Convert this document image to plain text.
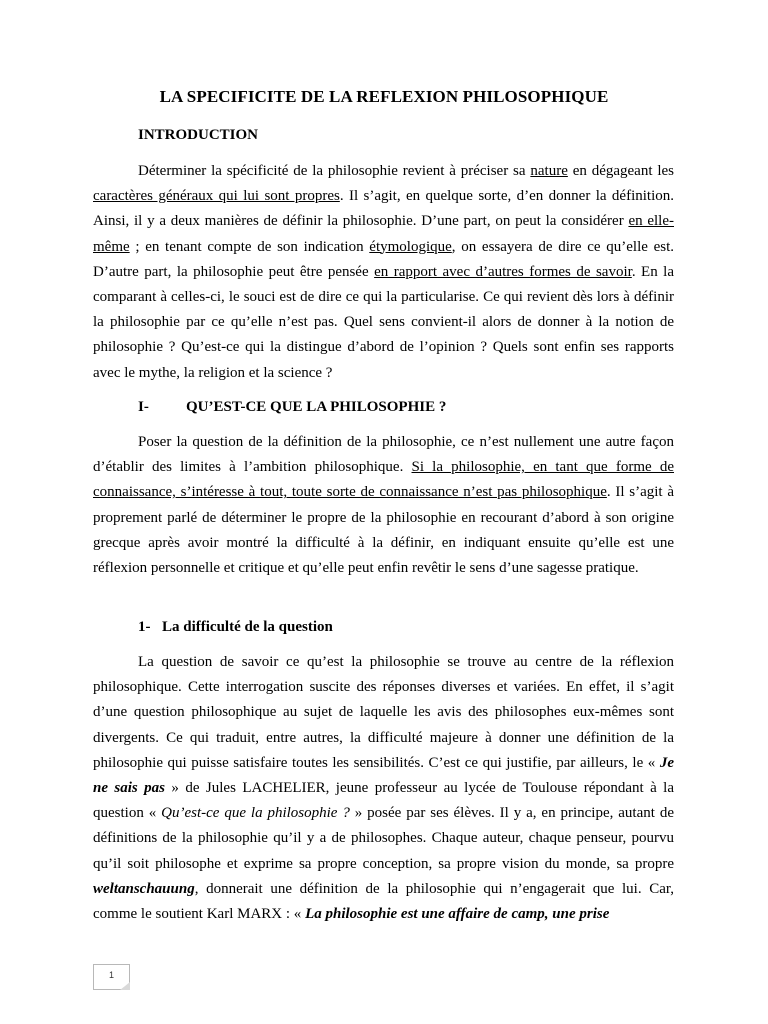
LA SPECIFICITE DE LA REFLEXION PHILOSOPHIQUE
INTRODUCTION

Déterminer la spécificité de la philosophie revient à préciser sa nature en dégageant les caractères généraux qui lui sont propres. Il s’agit, en quelque sorte, d’en donner la définition. Ainsi, il y a deux manières de définir la philosophie. D’une part, on peut la considérer en elle-même ; en tenant compte de son indication étymologique, on essayera de dire ce qu’elle est. D’autre part, la philosophie peut être pensée en rapport avec d’autres formes de savoir. En la comparant à celles-ci, le souci est de dire ce qui la particularise. Ce qui revient dès lors à définir la philosophie par ce qu’elle n’est pas. Quel sens convient-il alors de donner à la notion de philosophie ? Qu’est-ce qui la distingue d’abord de l’opinion ? Quels sont enfin ses rapports avec le mythe, la religion et la science ?

I- QU’EST-CE QUE LA PHILOSOPHIE ?

Poser la question de la définition de la philosophie, ce n’est nullement une autre façon d’établir des limites à l’ambition philosophique. Si la philosophie, en tant que forme de connaissance, s’intéresse à tout, toute sorte de connaissance n’est pas philosophique. Il s’agit à proprement parlé de déterminer le propre de la philosophie en recourant d’abord à son origine grecque après avoir montré la difficulté à la définir, en indiquant ensuite qu’elle est une réflexion personnelle et critique et qu’elle peut enfin revêtir le sens d’une sagesse pratique.

1- La difficulté de la question

La question de savoir ce qu’est la philosophie se trouve au centre de la réflexion philosophique. Cette interrogation suscite des réponses diverses et variées. En effet, il s’agit d’une question philosophique au sujet de laquelle les avis des philosophes eux-mêmes sont divergents. Ce qui traduit, entre autres, la difficulté majeure à donner une définition de la philosophie qui puisse satisfaire toutes les sensibilités. C’est ce qui justifie, par ailleurs, le « Je ne sais pas » de Jules LACHELIER, jeune professeur au lycée de Toulouse répondant à la question « Qu’est-ce que la philosophie ? » posée par ses élèves. Il y a, en principe, autant de définitions de la philosophie qu’il y a de philosophes. Chaque auteur, chaque penseur, pourvu qu’il soit philosophe et exprime sa propre conception, sa propre vision du monde, sa propre weltanschauung, donnerait une définition de la philosophie qui n’engagerait que lui. Car, comme le soutient Karl MARX : « La philosophie est une affaire de camp, une prise

1
